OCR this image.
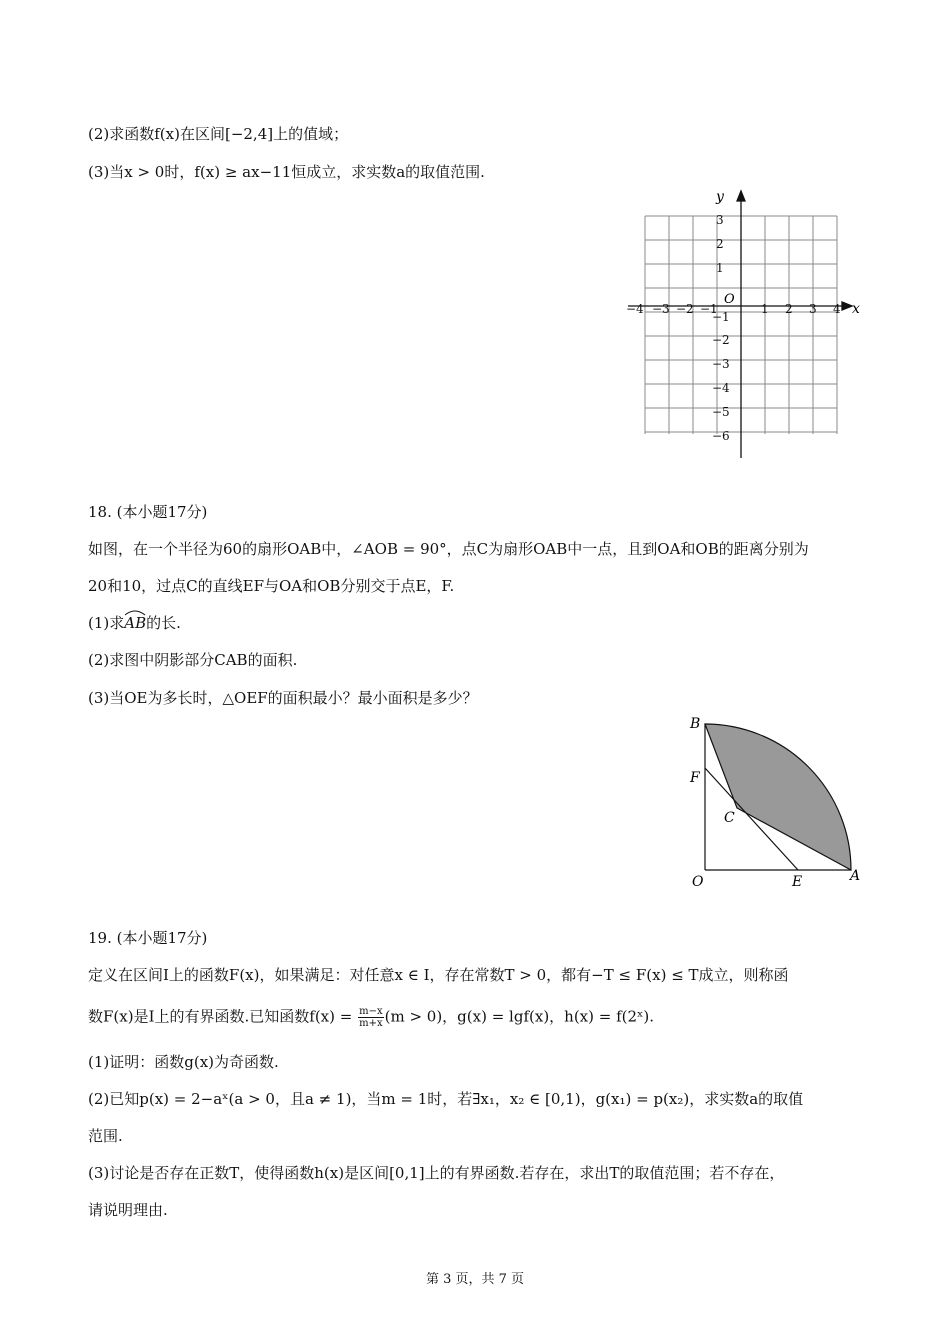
(2)求函数f(x)在区间[−2,4]上的值域；
(3)当x > 0时，f(x) ≥ ax−11恒成立，求实数a的取值范围.
x
y
O
−4 −3 −2 −1	1 2 3 4
3
2
1
−1
−2
−3
−4
−5
−6
18. (本小题17分)
如图，在一个半径为60的扇形OAB中，∠AOB = 90°，点C为扇形OAB中一点，且到OA和OB的距离分别为
20和10，过点C的直线EF与OA和OB分别交于点E，F.
(1)求
AB的长.
(2)求图中阴影部分CAB的面积.
(3)当OE为多长时，△OEF的面积最小？最小面积是多少？
B
F
C
O	E	A
19. (本小题17分)
定义在区间I上的函数F(x)，如果满足：对任意x ∈ I，存在常数T > 0，都有−T ≤ F(x) ≤ T成立，则称函
数F(x)是I上的有界函数.已知函数$f(x) = \frac{m-x}{m+x} (m > 0)$，g(x) = lgf(x)，h(x) = f(2ˣ).
(1)证明：函数g(x)为奇函数.
(2)已知p(x) = 2−aˣ(a > 0，且a ≠ 1)，当m = 1时，若∃x₁，x₂ ∈ [0,1)，g(x₁) = p(x₂)，求实数a的取值
范围.
(3)讨论是否存在正数T，使得函数h(x)是区间[0,1]上的有界函数.若存在，求出T的取值范围；若不存在，
请说明理由.
第 3 页，共 7 页
